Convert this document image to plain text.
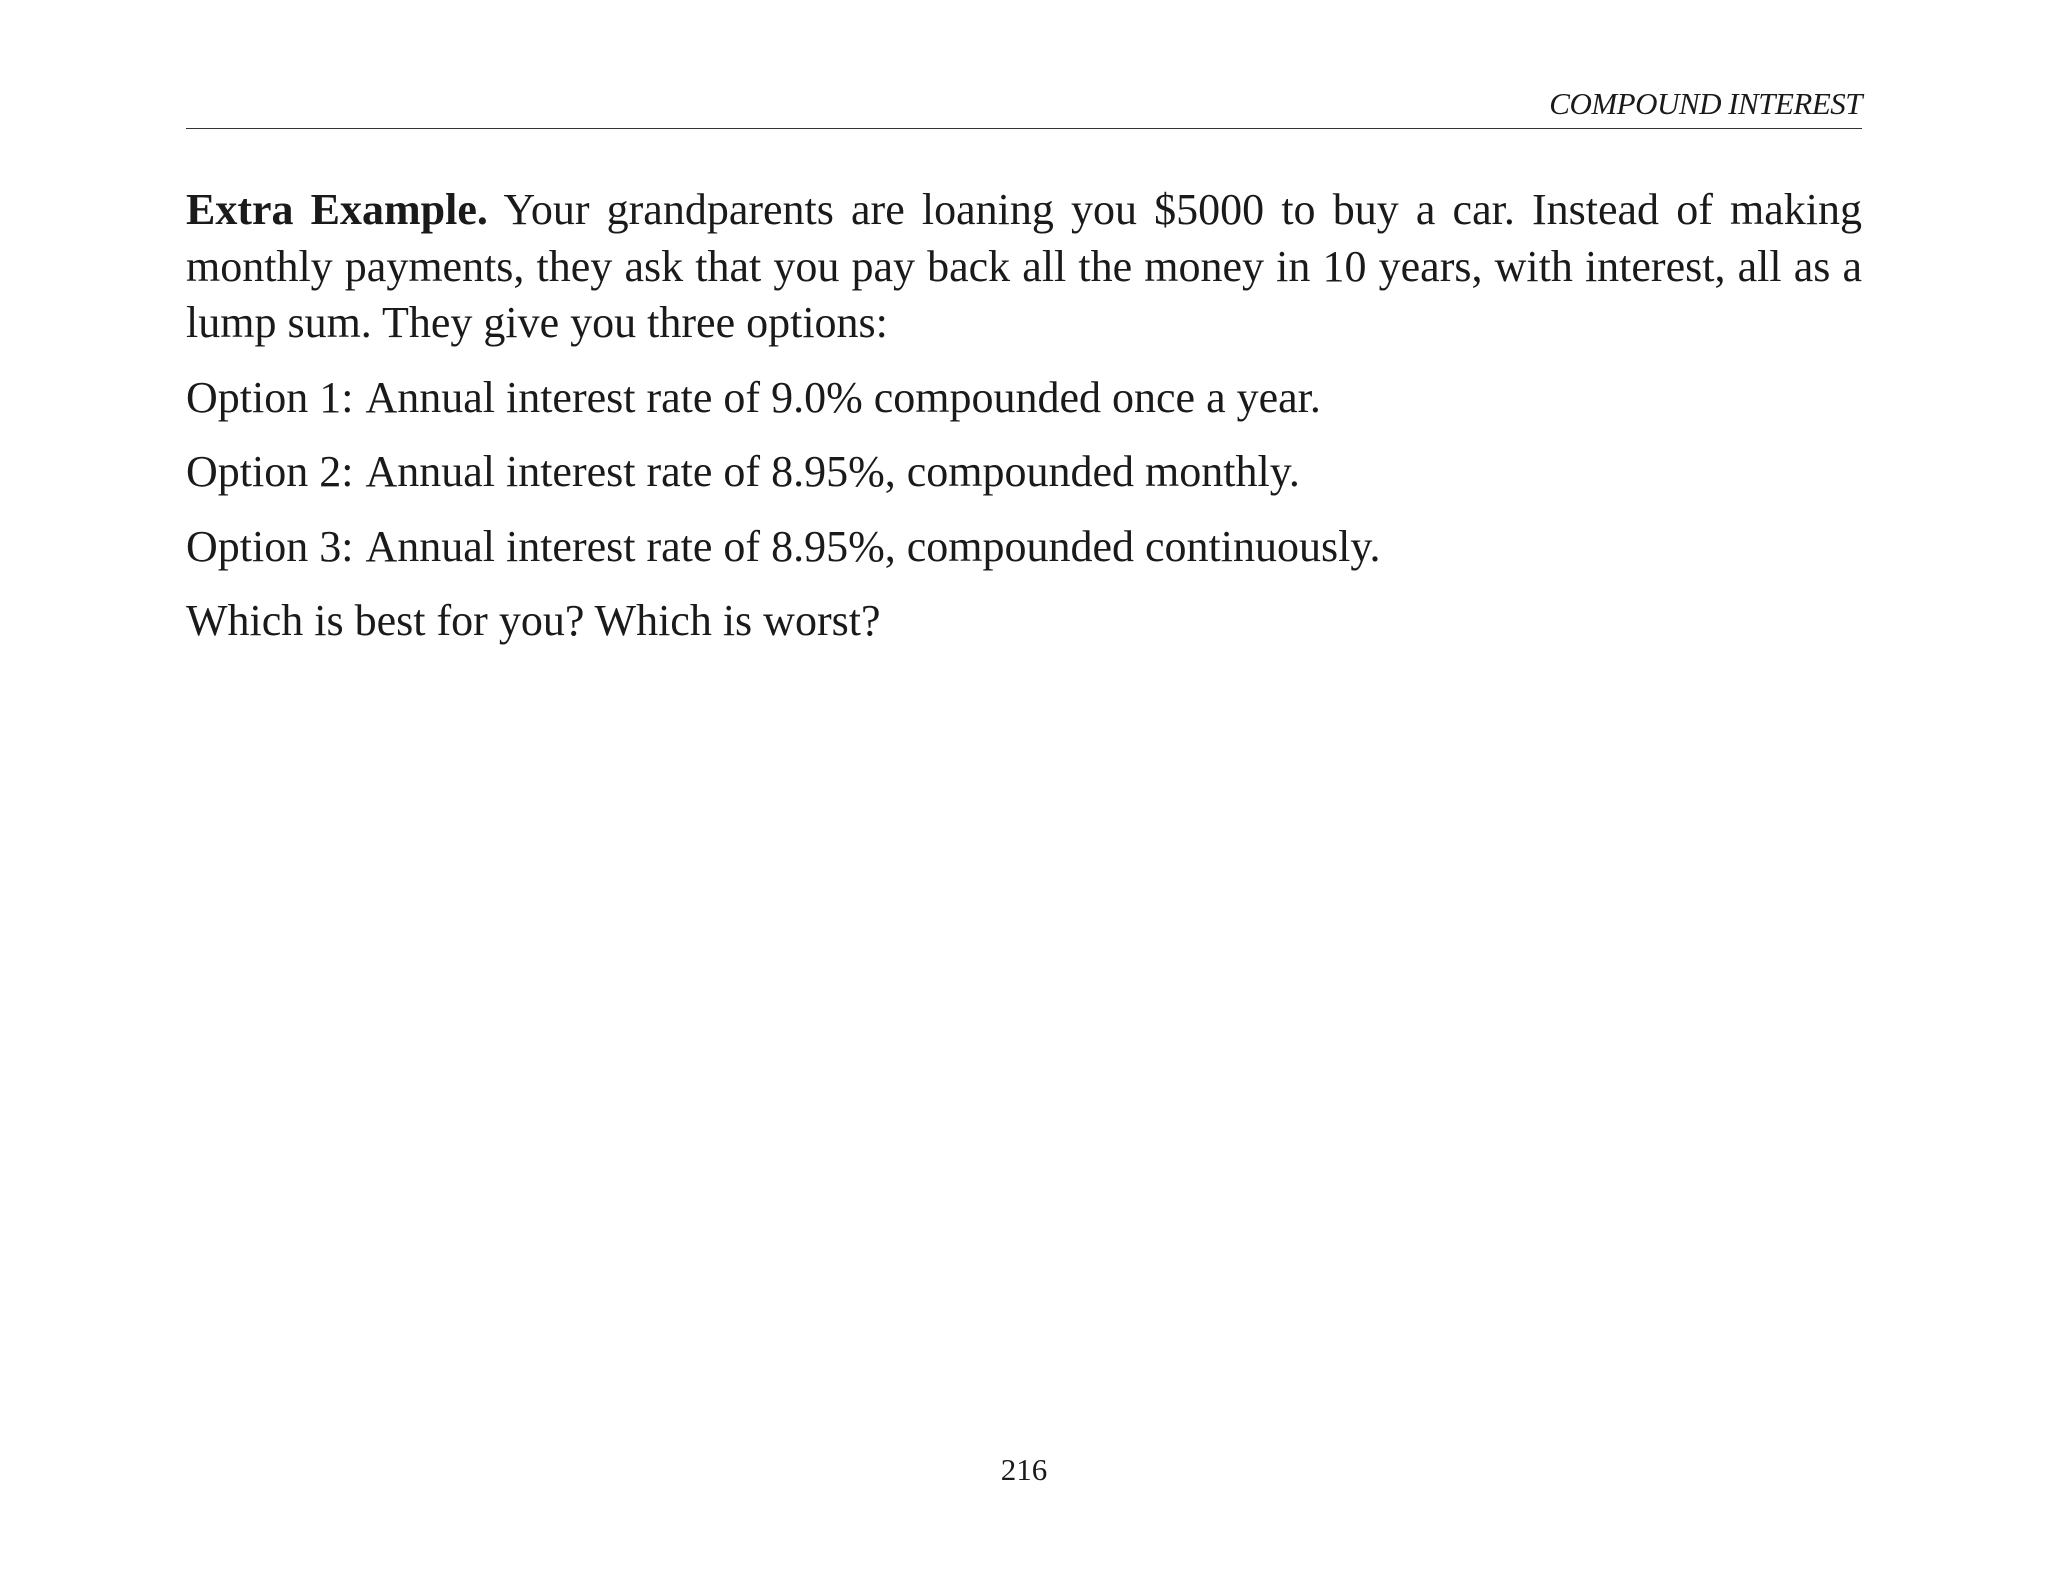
COMPOUND INTEREST

Extra Example. Your grandparents are loaning you $5000 to buy a car. Instead of making monthly payments, they ask that you pay back all the money in 10 years, with interest, all as a lump sum. They give you three options:

Option 1: Annual interest rate of 9.0% compounded once a year.

Option 2: Annual interest rate of 8.95%, compounded monthly.

Option 3: Annual interest rate of 8.95%, compounded continuously.

Which is best for you? Which is worst?

216
